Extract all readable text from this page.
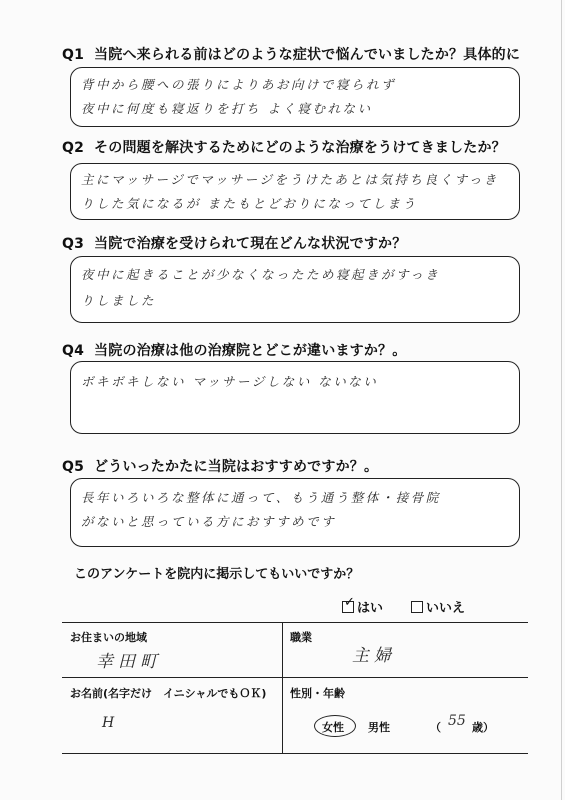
Q1 当院へ来られる前はどのような症状で悩んでいましたか？具体的に
背中から腰への張りによりあお向けで寝られず
夜中に何度も寝返りを打ち よく寝むれない
Q2 その問題を解決するためにどのような治療をうけてきましたか？
主にマッサージでマッサージをうけたあとは気持ち良くすっき
りした気になるが またもとどおりになってしまう
Q3 当院で治療を受けられて現在どんな状況ですか？
夜中に起きることが少なくなったため寝起きがすっき
りしました
Q4 当院の治療は他の治療院とどこが違いますか？。
ボキボキしない マッサージしない ないない
Q5 どういったかたに当院はおすすめですか？。
長年いろいろな整体に通って、もう通う整体・接骨院
がないと思っている方におすすめです
このアンケートを院内に掲示してもいいですか？
✓ はい	いいえ
お住まいの地域
幸田町
職業
主婦
お名前(名字だけ　イニシャルでもＯＫ)
H
性別・年齢
女性 男性	（ 55 歳）
